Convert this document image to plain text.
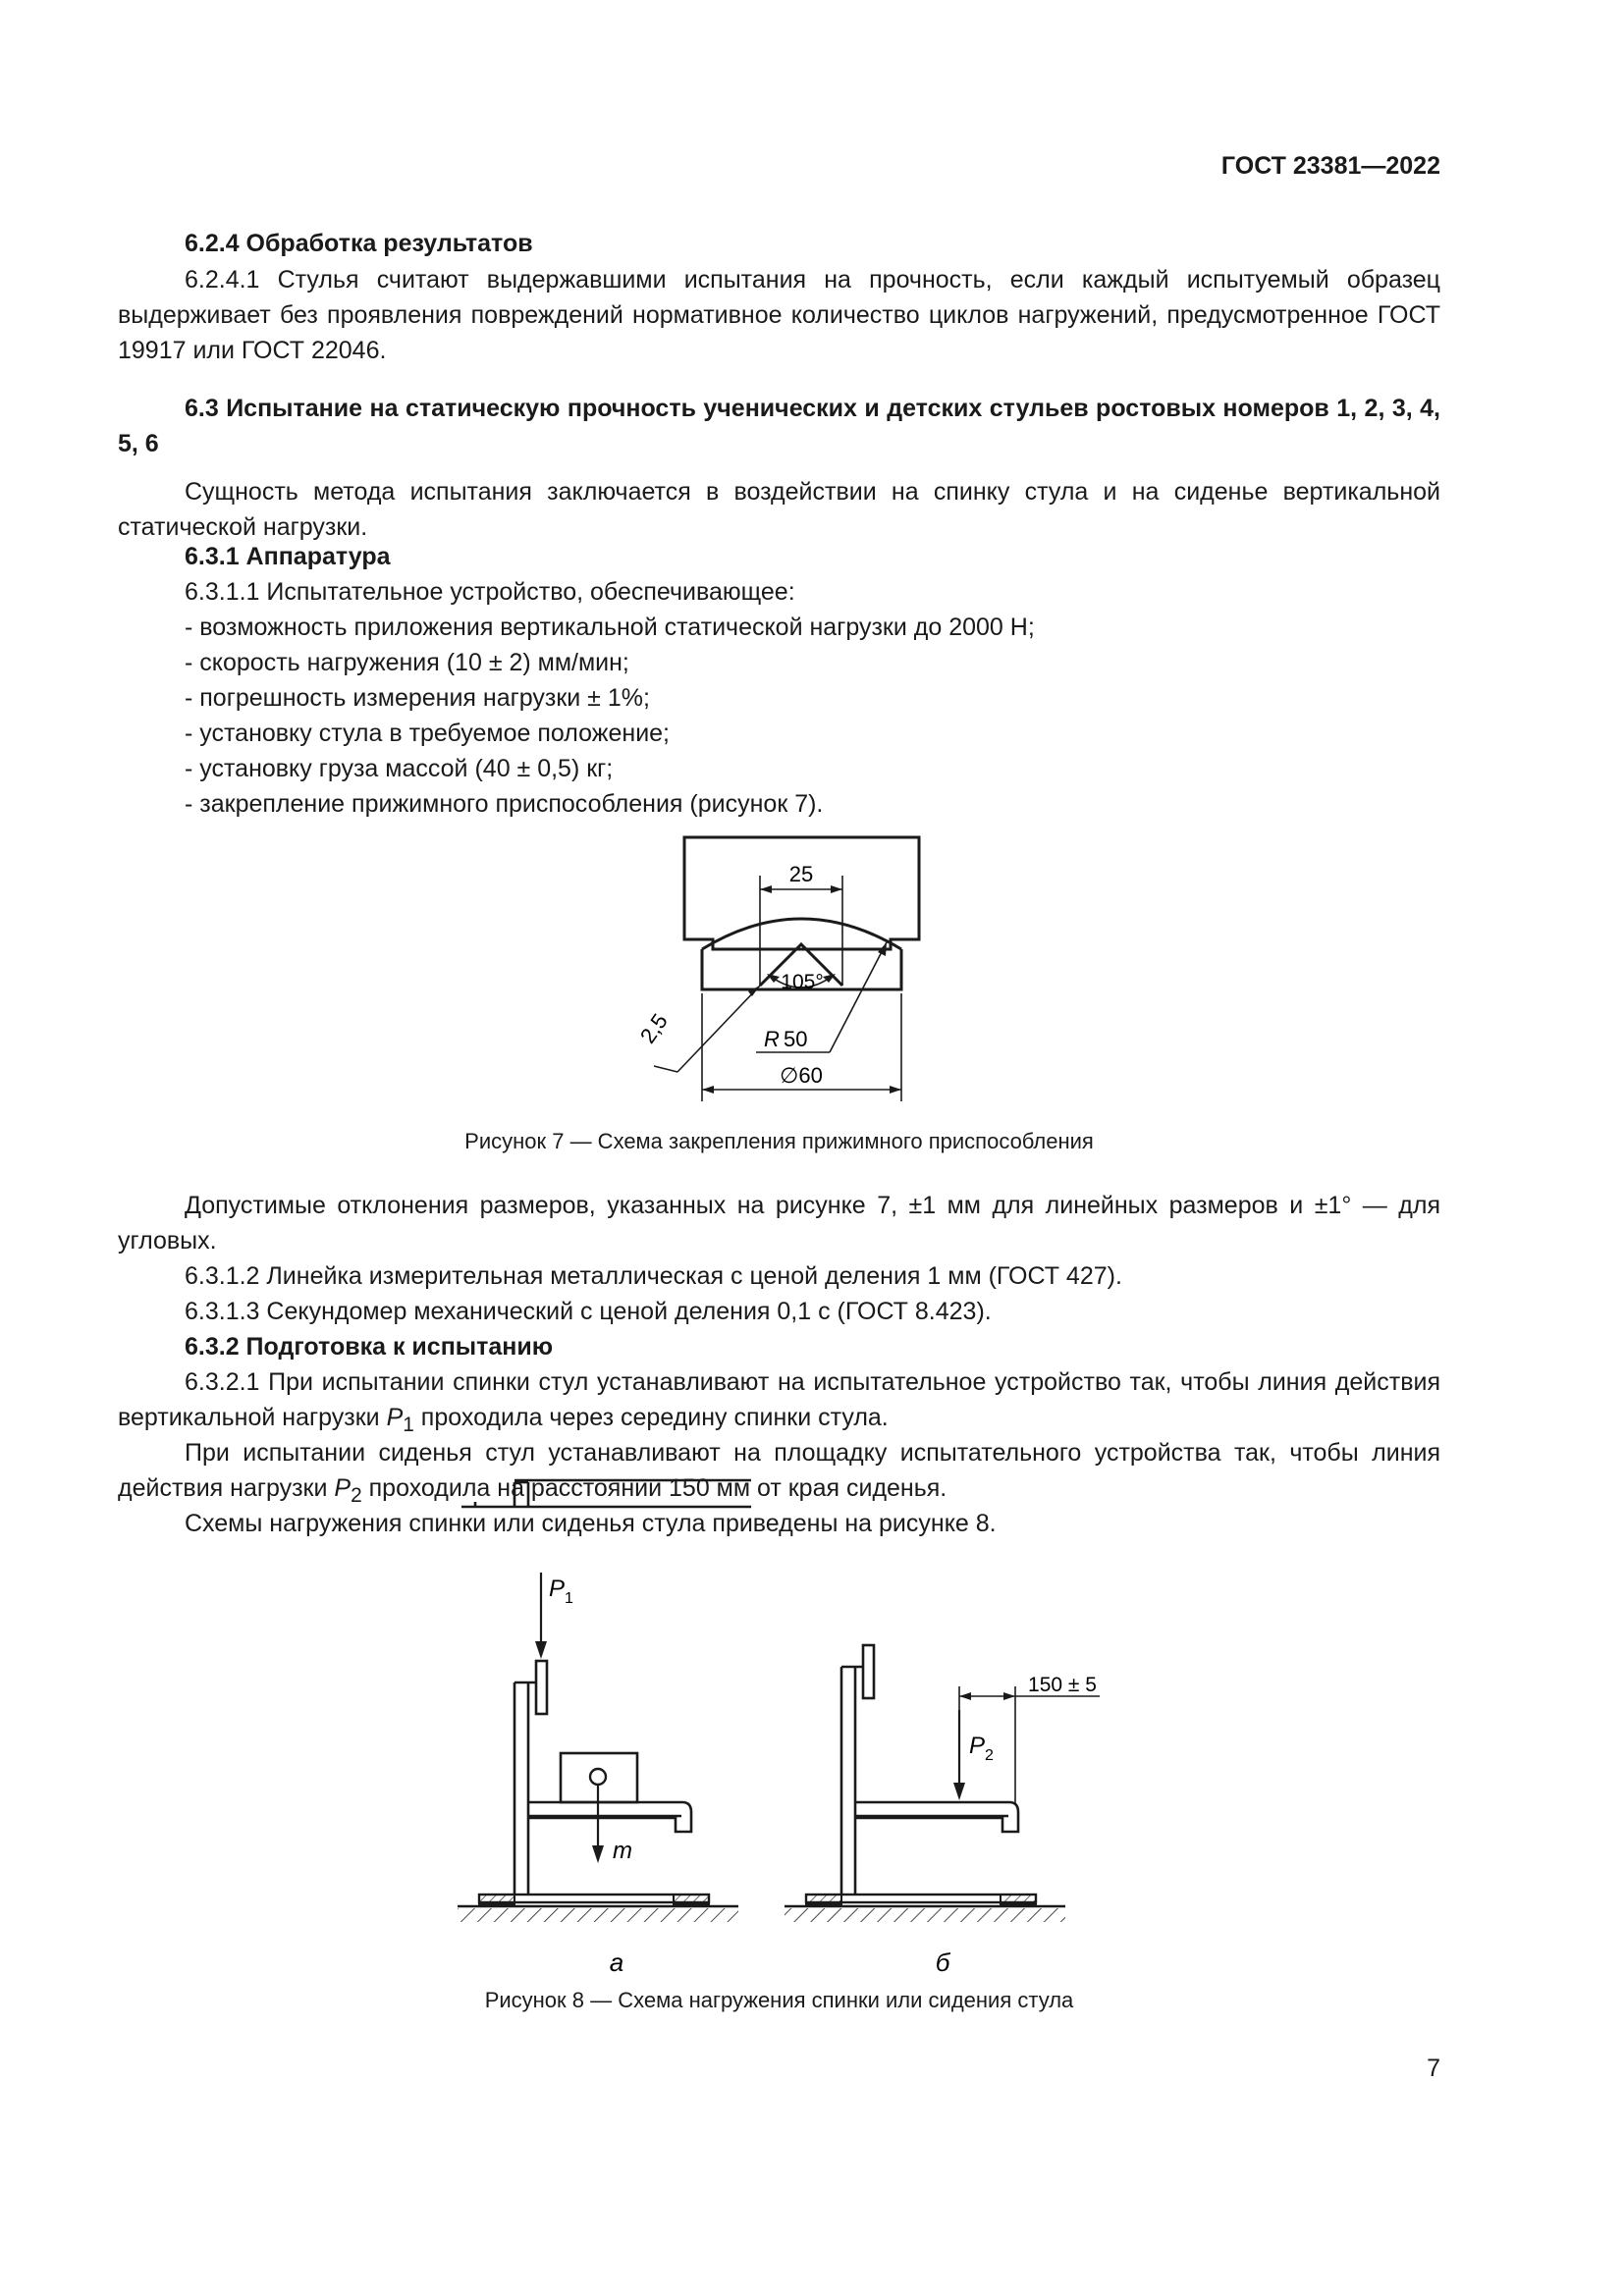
ГОСТ 23381—2022

6.2.4 Обработка результатов

6.2.4.1 Стулья считают выдержавшими испытания на прочность, если каждый испытуемый образец выдерживает без проявления повреждений нормативное количество циклов нагружений, предусмотренное ГОСТ 19917 или ГОСТ 22046.

6.3 Испытание на статическую прочность ученических и детских стульев ростовых номеров 1, 2, 3, 4, 5, 6

Сущность метода испытания заключается в воздействии на спинку стула и на сиденье вертикальной статической нагрузки.

6.3.1 Аппаратура

6.3.1.1 Испытательное устройство, обеспечивающее:

- возможность приложения вертикальной статической нагрузки до 2000 Н;
- скорость нагружения (10 ± 2) мм/мин;
- погрешность измерения нагрузки ± 1%;
- установку стула в требуемое положение;
- установку груза массой (40 ± 0,5) кг;
- закрепление прижимного приспособления (рисунок 7).
25
105°
2,5	R 50
∅60
Рисунок 7 — Схема закрепления прижимного приспособления

Допустимые отклонения размеров, указанных на рисунке 7, ±1 мм для линейных размеров и ±1° — для угловых.

6.3.1.2 Линейка измерительная металлическая с ценой деления 1 мм (ГОСТ 427).

6.3.1.3 Секундомер механический с ценой деления 0,1 с (ГОСТ 8.423).

6.3.2 Подготовка к испытанию

6.3.2.1 При испытании спинки стул устанавливают на испытательное устройство так, чтобы линия действия вертикальной нагрузки $P_1$ проходила через середину спинки стула.

При испытании сиденья стул устанавливают на площадку испытательного устройства так, чтобы линия действия нагрузки $P_2$ проходила на расстоянии 150 мм от края сиденья.

Схемы нагружения спинки или сиденья стула приведены на рисунке 8.

P 1
m
а
150 ± 5
P 2
б
Рисунок 8 — Схема нагружения спинки или сидения стула
7
